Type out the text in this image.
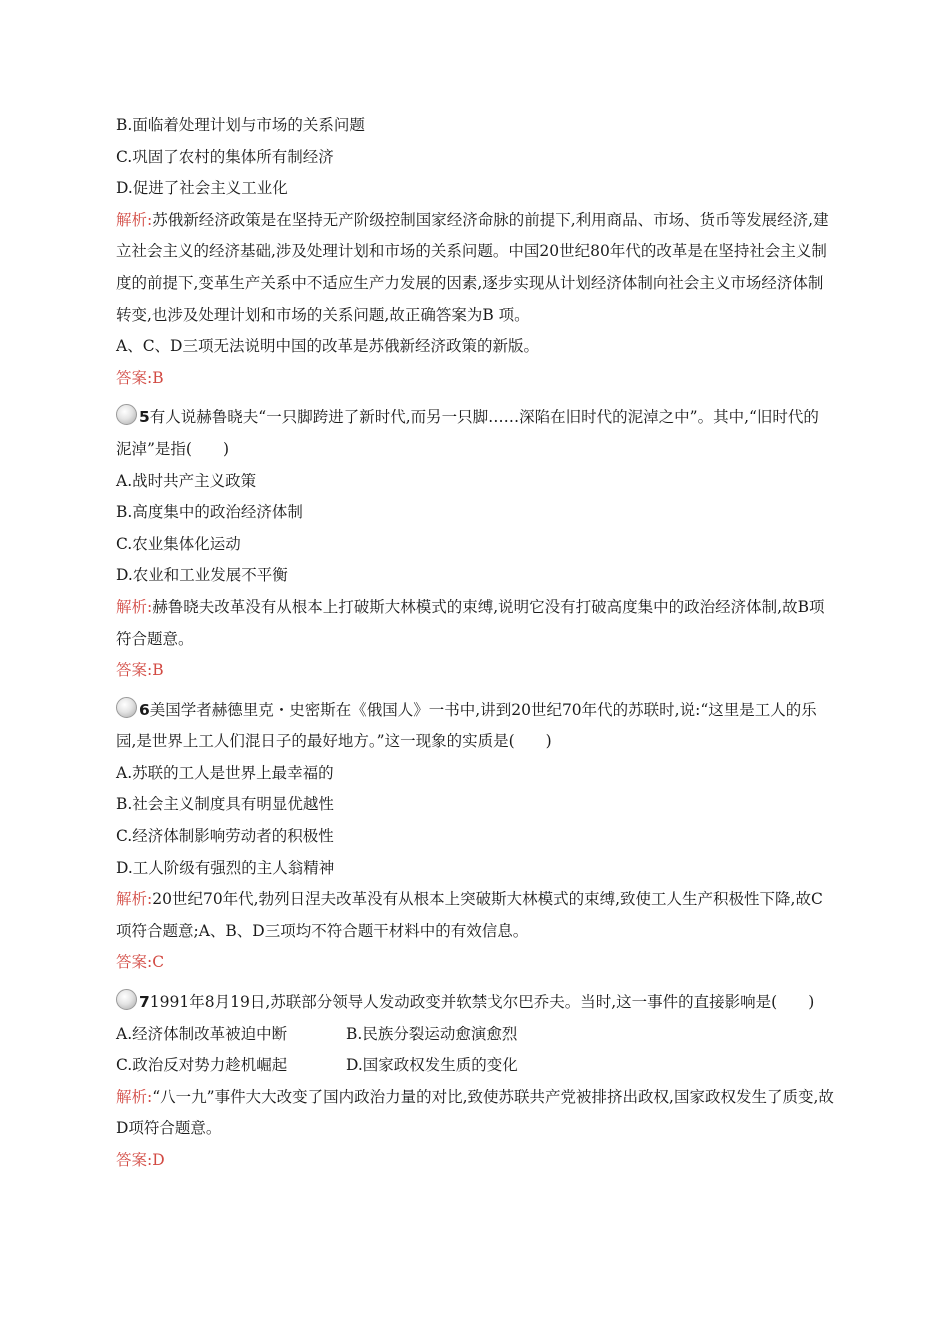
B.面临着处理计划与市场的关系问题
C.巩固了农村的集体所有制经济
D.促进了社会主义工业化
解析:苏俄新经济政策是在坚持无产阶级控制国家经济命脉的前提下,利用商品、市场、货币等发展经济,建立社会主义的经济基础,涉及处理计划和市场的关系问题。中国20世纪80年代的改革是在坚持社会主义制度的前提下,变革生产关系中不适应生产力发展的因素,逐步实现从计划经济体制向社会主义市场经济体制转变,也涉及处理计划和市场的关系问题,故正确答案为B 项。
A、C、D三项无法说明中国的改革是苏俄新经济政策的新版。
答案:B
5有人说赫鲁晓夫“一只脚跨进了新时代,而另一只脚……深陷在旧时代的泥淖之中”。其中,“旧时代的泥淖”是指(　　)
A.战时共产主义政策
B.高度集中的政治经济体制
C.农业集体化运动
D.农业和工业发展不平衡
解析:赫鲁晓夫改革没有从根本上打破斯大林模式的束缚,说明它没有打破高度集中的政治经济体制,故B项符合题意。
答案:B
6美国学者赫德里克・史密斯在《俄国人》一书中,讲到20世纪70年代的苏联时,说:“这里是工人的乐园,是世界上工人们混日子的最好地方。”这一现象的实质是(　　)
A.苏联的工人是世界上最幸福的
B.社会主义制度具有明显优越性
C.经济体制影响劳动者的积极性
D.工人阶级有强烈的主人翁精神
解析:20世纪70年代,勃列日涅夫改革没有从根本上突破斯大林模式的束缚,致使工人生产积极性下降,故C项符合题意;A、B、D三项均不符合题干材料中的有效信息。
答案:C
71991年8月19日,苏联部分领导人发动政变并软禁戈尔巴乔夫。当时,这一事件的直接影响是(　　)
A.经济体制改革被迫中断	B.民族分裂运动愈演愈烈
C.政治反对势力趁机崛起	D.国家政权发生质的变化
解析:“八一九”事件大大改变了国内政治力量的对比,致使苏联共产党被排挤出政权,国家政权发生了质变,故D项符合题意。
答案:D
